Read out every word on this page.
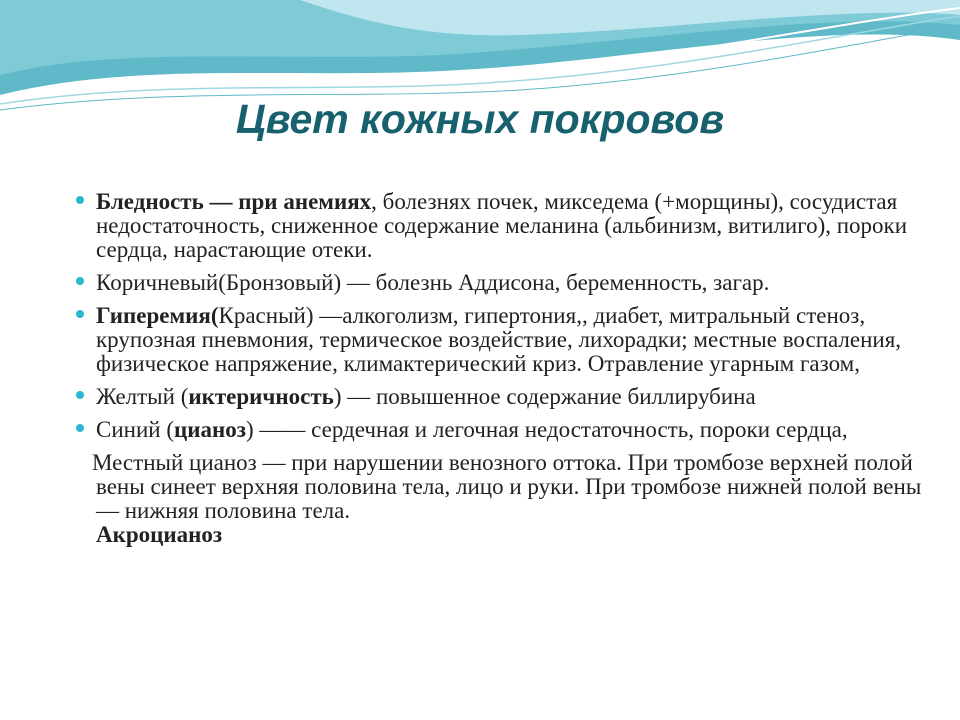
Цвет кожных покровов
Бледность — при анемиях, болезнях почек, микседема (+морщины), сосудистая недостаточность, сниженное содержание меланина (альбинизм, витилиго), пороки сердца, нарастающие отеки.
Коричневый(Бронзовый) — болезнь Аддисона, беременность, загар.
Гиперемия(Красный) —алкоголизм, гипертония,, диабет, митральный стеноз, крупозная пневмония, термическое воздействие, лихорадки; местные воспаления, физическое напряжение, климактерический криз. Отравление угарным газом,
Желтый (иктеричность) — повышенное содержание биллирубина
Синий (цианоз) —— сердечная и легочная недостаточность, пороки сердца,

Местный цианоз — при нарушении венозного оттока. При тромбозе верхней полой вены синеет верхняя половина тела, лицо и руки. При тромбозе нижней полой вены — нижняя половина тела.
Акроцианоз
